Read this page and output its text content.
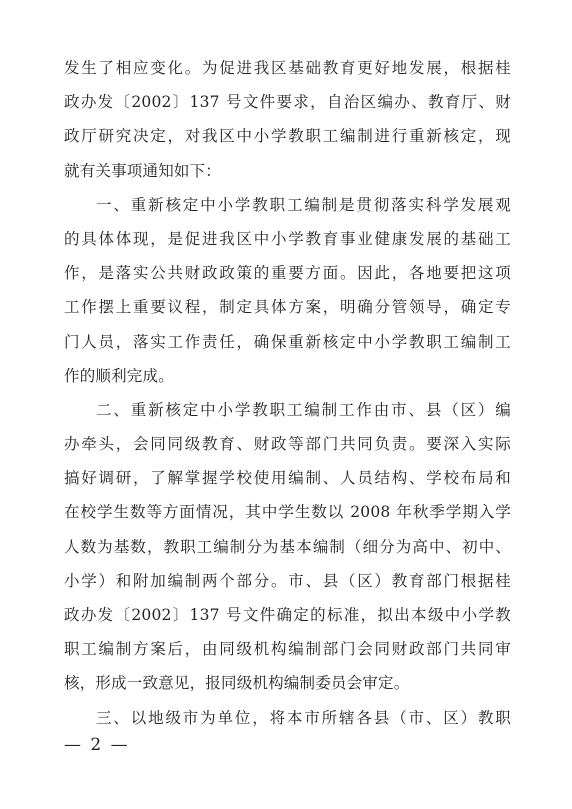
发生了相应变化。为促进我区基础教育更好地发展，根据桂
政办发〔2002〕137 号文件要求，自治区编办、教育厅、财
政厅研究决定，对我区中小学教职工编制进行重新核定，现
就有关事项通知如下：
一、重新核定中小学教职工编制是贯彻落实科学发展观
的具体体现，是促进我区中小学教育事业健康发展的基础工
作，是落实公共财政政策的重要方面。因此，各地要把这项
工作摆上重要议程，制定具体方案，明确分管领导，确定专
门人员，落实工作责任，确保重新核定中小学教职工编制工
作的顺利完成。
二、重新核定中小学教职工编制工作由市、县（区）编
办牵头，会同同级教育、财政等部门共同负责。要深入实际
搞好调研，了解掌握学校使用编制、人员结构、学校布局和
在校学生数等方面情况，其中学生数以 2008 年秋季学期入学
人数为基数，教职工编制分为基本编制（细分为高中、初中、
小学）和附加编制两个部分。市、县（区）教育部门根据桂
政办发〔2002〕137 号文件确定的标准，拟出本级中小学教
职工编制方案后，由同级机构编制部门会同财政部门共同审
核，形成一致意见，报同级机构编制委员会审定。
三、以地级市为单位，将本市所辖各县（市、区）教职
— 2 —
